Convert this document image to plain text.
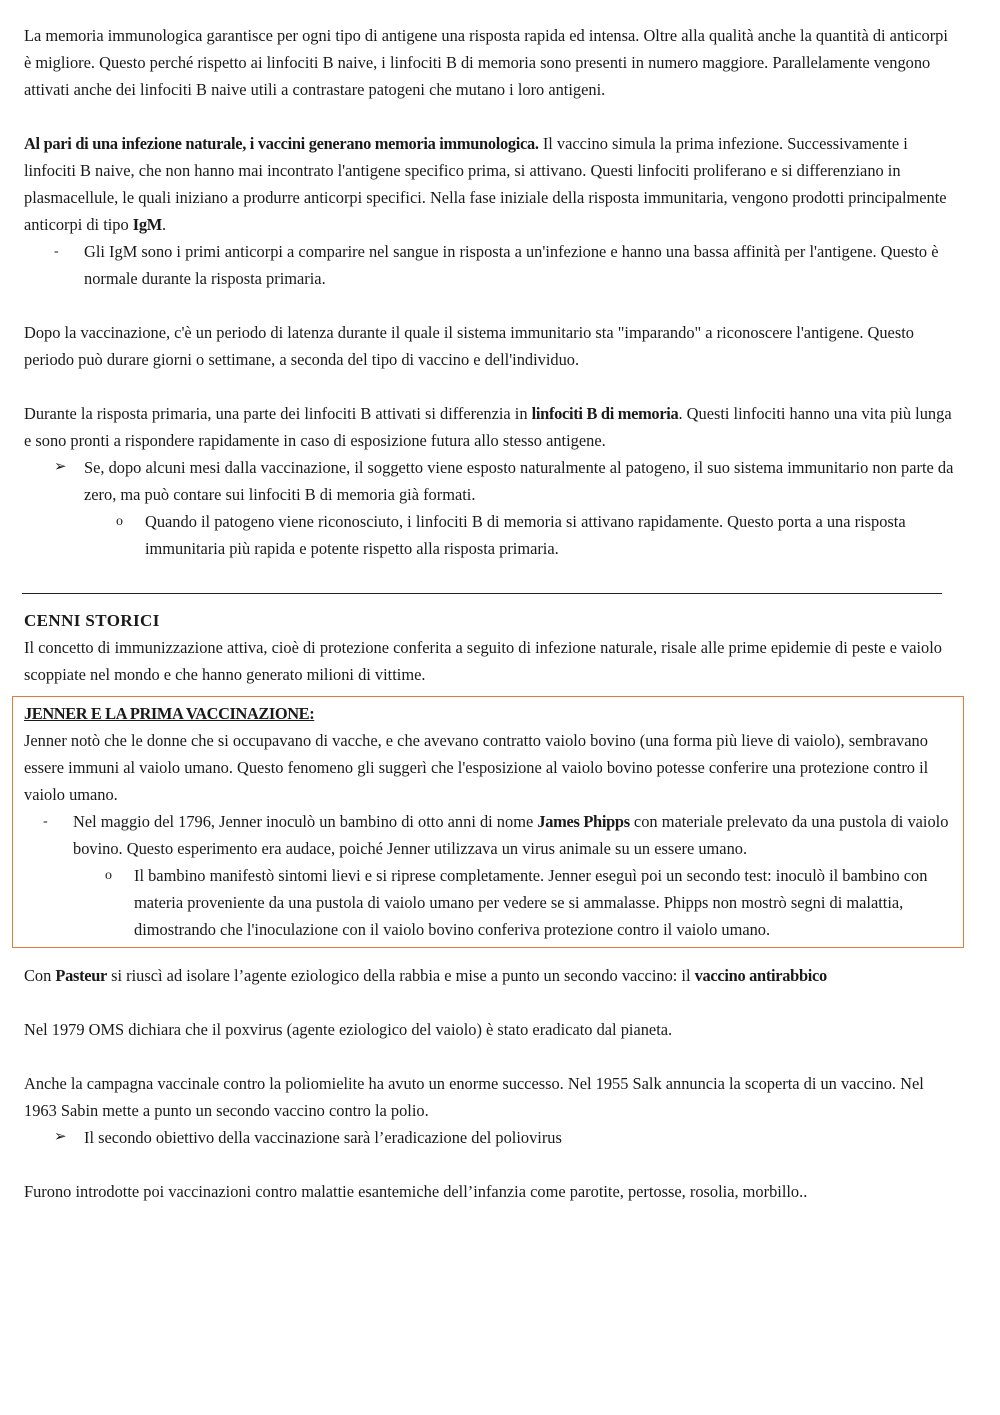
La memoria immunologica garantisce per ogni tipo di antigene una risposta rapida ed intensa. Oltre alla qualità anche la quantità di anticorpi è migliore. Questo perché rispetto ai linfociti B naive, i linfociti B di memoria sono presenti in numero maggiore. Parallelamente vengono attivati anche dei linfociti B naive utili a contrastare patogeni che mutano i loro antigeni.

Al pari di una infezione naturale, i vaccini generano memoria immunologica. Il vaccino simula la prima infezione. Successivamente i linfociti B naive, che non hanno mai incontrato l'antigene specifico prima, si attivano. Questi linfociti proliferano e si differenziano in plasmacellule, le quali iniziano a produrre anticorpi specifici. Nella fase iniziale della risposta immunitaria, vengono prodotti principalmente anticorpi di tipo IgM.

- Gli IgM sono i primi anticorpi a comparire nel sangue in risposta a un'infezione e hanno una bassa affinità per l'antigene. Questo è normale durante la risposta primaria.

Dopo la vaccinazione, c'è un periodo di latenza durante il quale il sistema immunitario sta "imparando" a riconoscere l'antigene. Questo periodo può durare giorni o settimane, a seconda del tipo di vaccino e dell'individuo.

Durante la risposta primaria, una parte dei linfociti B attivati si differenzia in linfociti B di memoria. Questi linfociti hanno una vita più lunga e sono pronti a rispondere rapidamente in caso di esposizione futura allo stesso antigene.

➢ Se, dopo alcuni mesi dalla vaccinazione, il soggetto viene esposto naturalmente al patogeno, il suo sistema immunitario non parte da zero, ma può contare sui linfociti B di memoria già formati.
o Quando il patogeno viene riconosciuto, i linfociti B di memoria si attivano rapidamente. Questo porta a una risposta immunitaria più rapida e potente rispetto alla risposta primaria.

CENNI STORICI

Il concetto di immunizzazione attiva, cioè di protezione conferita a seguito di infezione naturale, risale alle prime epidemie di peste e vaiolo scoppiate nel mondo e che hanno generato milioni di vittime.

JENNER E LA PRIMA VACCINAZIONE:

Jenner notò che le donne che si occupavano di vacche, e che avevano contratto vaiolo bovino (una forma più lieve di vaiolo), sembravano essere immuni al vaiolo umano. Questo fenomeno gli suggerì che l'esposizione al vaiolo bovino potesse conferire una protezione contro il vaiolo umano.

- Nel maggio del 1796, Jenner inoculò un bambino di otto anni di nome James Phipps con materiale prelevato da una pustola di vaiolo bovino. Questo esperimento era audace, poiché Jenner utilizzava un virus animale su un essere umano.
o Il bambino manifestò sintomi lievi e si riprese completamente. Jenner eseguì poi un secondo test: inoculò il bambino con materia proveniente da una pustola di vaiolo umano per vedere se si ammalasse. Phipps non mostrò segni di malattia, dimostrando che l'inoculazione con il vaiolo bovino conferiva protezione contro il vaiolo umano.

Con Pasteur si riuscì ad isolare l’agente eziologico della rabbia e mise a punto un secondo vaccino: il vaccino antirabbico

Nel 1979 OMS dichiara che il poxvirus (agente eziologico del vaiolo) è stato eradicato dal pianeta.

Anche la campagna vaccinale contro la poliomielite ha avuto un enorme successo. Nel 1955 Salk annuncia la scoperta di un vaccino. Nel 1963 Sabin mette a punto un secondo vaccino contro la polio.

➢ Il secondo obiettivo della vaccinazione sarà l’eradicazione del poliovirus

Furono introdotte poi vaccinazioni contro malattie esantemiche dell’infanzia come parotite, pertosse, rosolia, morbillo..
